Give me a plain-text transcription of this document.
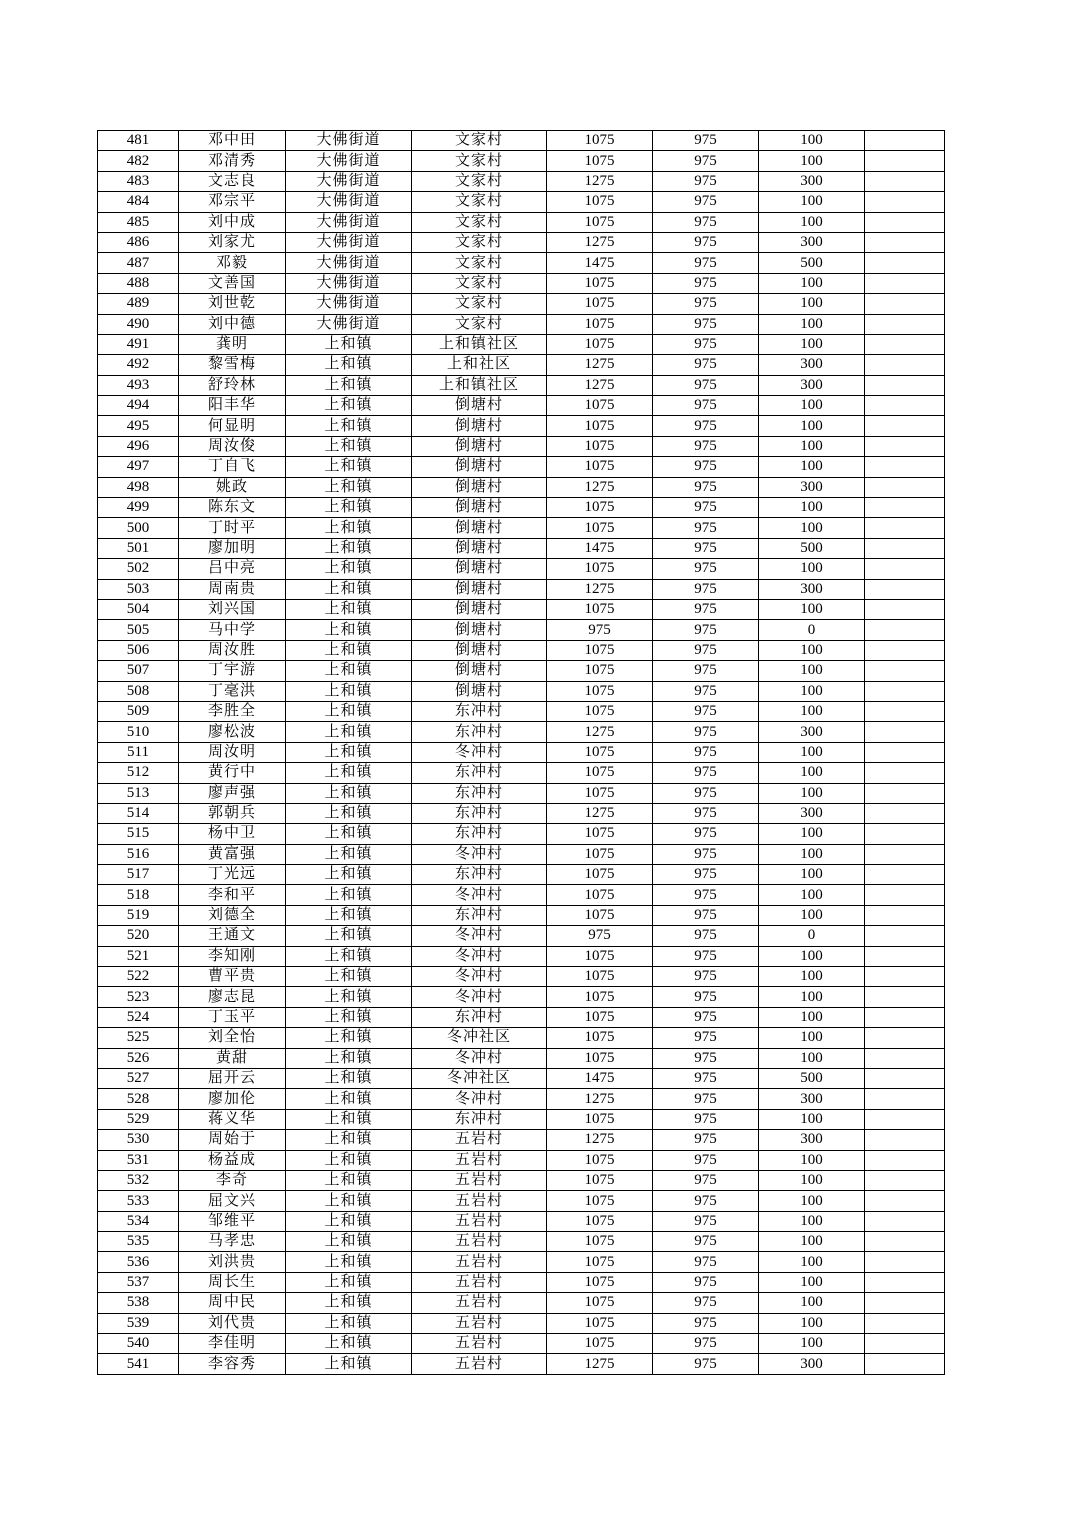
481	邓中田	大佛街道	文家村	1075	975	100	
482	邓清秀	大佛街道	文家村	1075	975	100	
483	文志良	大佛街道	文家村	1275	975	300	
484	邓宗平	大佛街道	文家村	1075	975	100	
485	刘中成	大佛街道	文家村	1075	975	100	
486	刘家尤	大佛街道	文家村	1275	975	300	
487	邓毅	大佛街道	文家村	1475	975	500	
488	文善国	大佛街道	文家村	1075	975	100	
489	刘世乾	大佛街道	文家村	1075	975	100	
490	刘中德	大佛街道	文家村	1075	975	100	
491	龚明	上和镇	上和镇社区	1075	975	100	
492	黎雪梅	上和镇	上和社区	1275	975	300	
493	舒玲林	上和镇	上和镇社区	1275	975	300	
494	阳丰华	上和镇	倒塘村	1075	975	100	
495	何显明	上和镇	倒塘村	1075	975	100	
496	周汝俊	上和镇	倒塘村	1075	975	100	
497	丁自飞	上和镇	倒塘村	1075	975	100	
498	姚政	上和镇	倒塘村	1275	975	300	
499	陈东文	上和镇	倒塘村	1075	975	100	
500	丁时平	上和镇	倒塘村	1075	975	100	
501	廖加明	上和镇	倒塘村	1475	975	500	
502	吕中亮	上和镇	倒塘村	1075	975	100	
503	周南贵	上和镇	倒塘村	1275	975	300	
504	刘兴国	上和镇	倒塘村	1075	975	100	
505	马中学	上和镇	倒塘村	975	975	0	
506	周汝胜	上和镇	倒塘村	1075	975	100	
507	丁宇游	上和镇	倒塘村	1075	975	100	
508	丁毫洪	上和镇	倒塘村	1075	975	100	
509	李胜全	上和镇	东冲村	1075	975	100	
510	廖松波	上和镇	东冲村	1275	975	300	
511	周汝明	上和镇	冬冲村	1075	975	100	
512	黄行中	上和镇	东冲村	1075	975	100	
513	廖声强	上和镇	东冲村	1075	975	100	
514	郭朝兵	上和镇	东冲村	1275	975	300	
515	杨中卫	上和镇	东冲村	1075	975	100	
516	黄富强	上和镇	冬冲村	1075	975	100	
517	丁光远	上和镇	东冲村	1075	975	100	
518	李和平	上和镇	冬冲村	1075	975	100	
519	刘德全	上和镇	东冲村	1075	975	100	
520	王通文	上和镇	冬冲村	975	975	0	
521	李知刚	上和镇	冬冲村	1075	975	100	
522	曹平贵	上和镇	冬冲村	1075	975	100	
523	廖志昆	上和镇	冬冲村	1075	975	100	
524	丁玉平	上和镇	东冲村	1075	975	100	
525	刘全怡	上和镇	冬冲社区	1075	975	100	
526	黄甜	上和镇	冬冲村	1075	975	100	
527	屈开云	上和镇	冬冲社区	1475	975	500	
528	廖加伦	上和镇	冬冲村	1275	975	300	
529	蒋义华	上和镇	东冲村	1075	975	100	
530	周始于	上和镇	五岩村	1275	975	300	
531	杨益成	上和镇	五岩村	1075	975	100	
532	李奇	上和镇	五岩村	1075	975	100	
533	屈文兴	上和镇	五岩村	1075	975	100	
534	邹维平	上和镇	五岩村	1075	975	100	
535	马孝忠	上和镇	五岩村	1075	975	100	
536	刘洪贵	上和镇	五岩村	1075	975	100	
537	周长生	上和镇	五岩村	1075	975	100	
538	周中民	上和镇	五岩村	1075	975	100	
539	刘代贵	上和镇	五岩村	1075	975	100	
540	李佳明	上和镇	五岩村	1075	975	100	
541	李容秀	上和镇	五岩村	1275	975	300	
